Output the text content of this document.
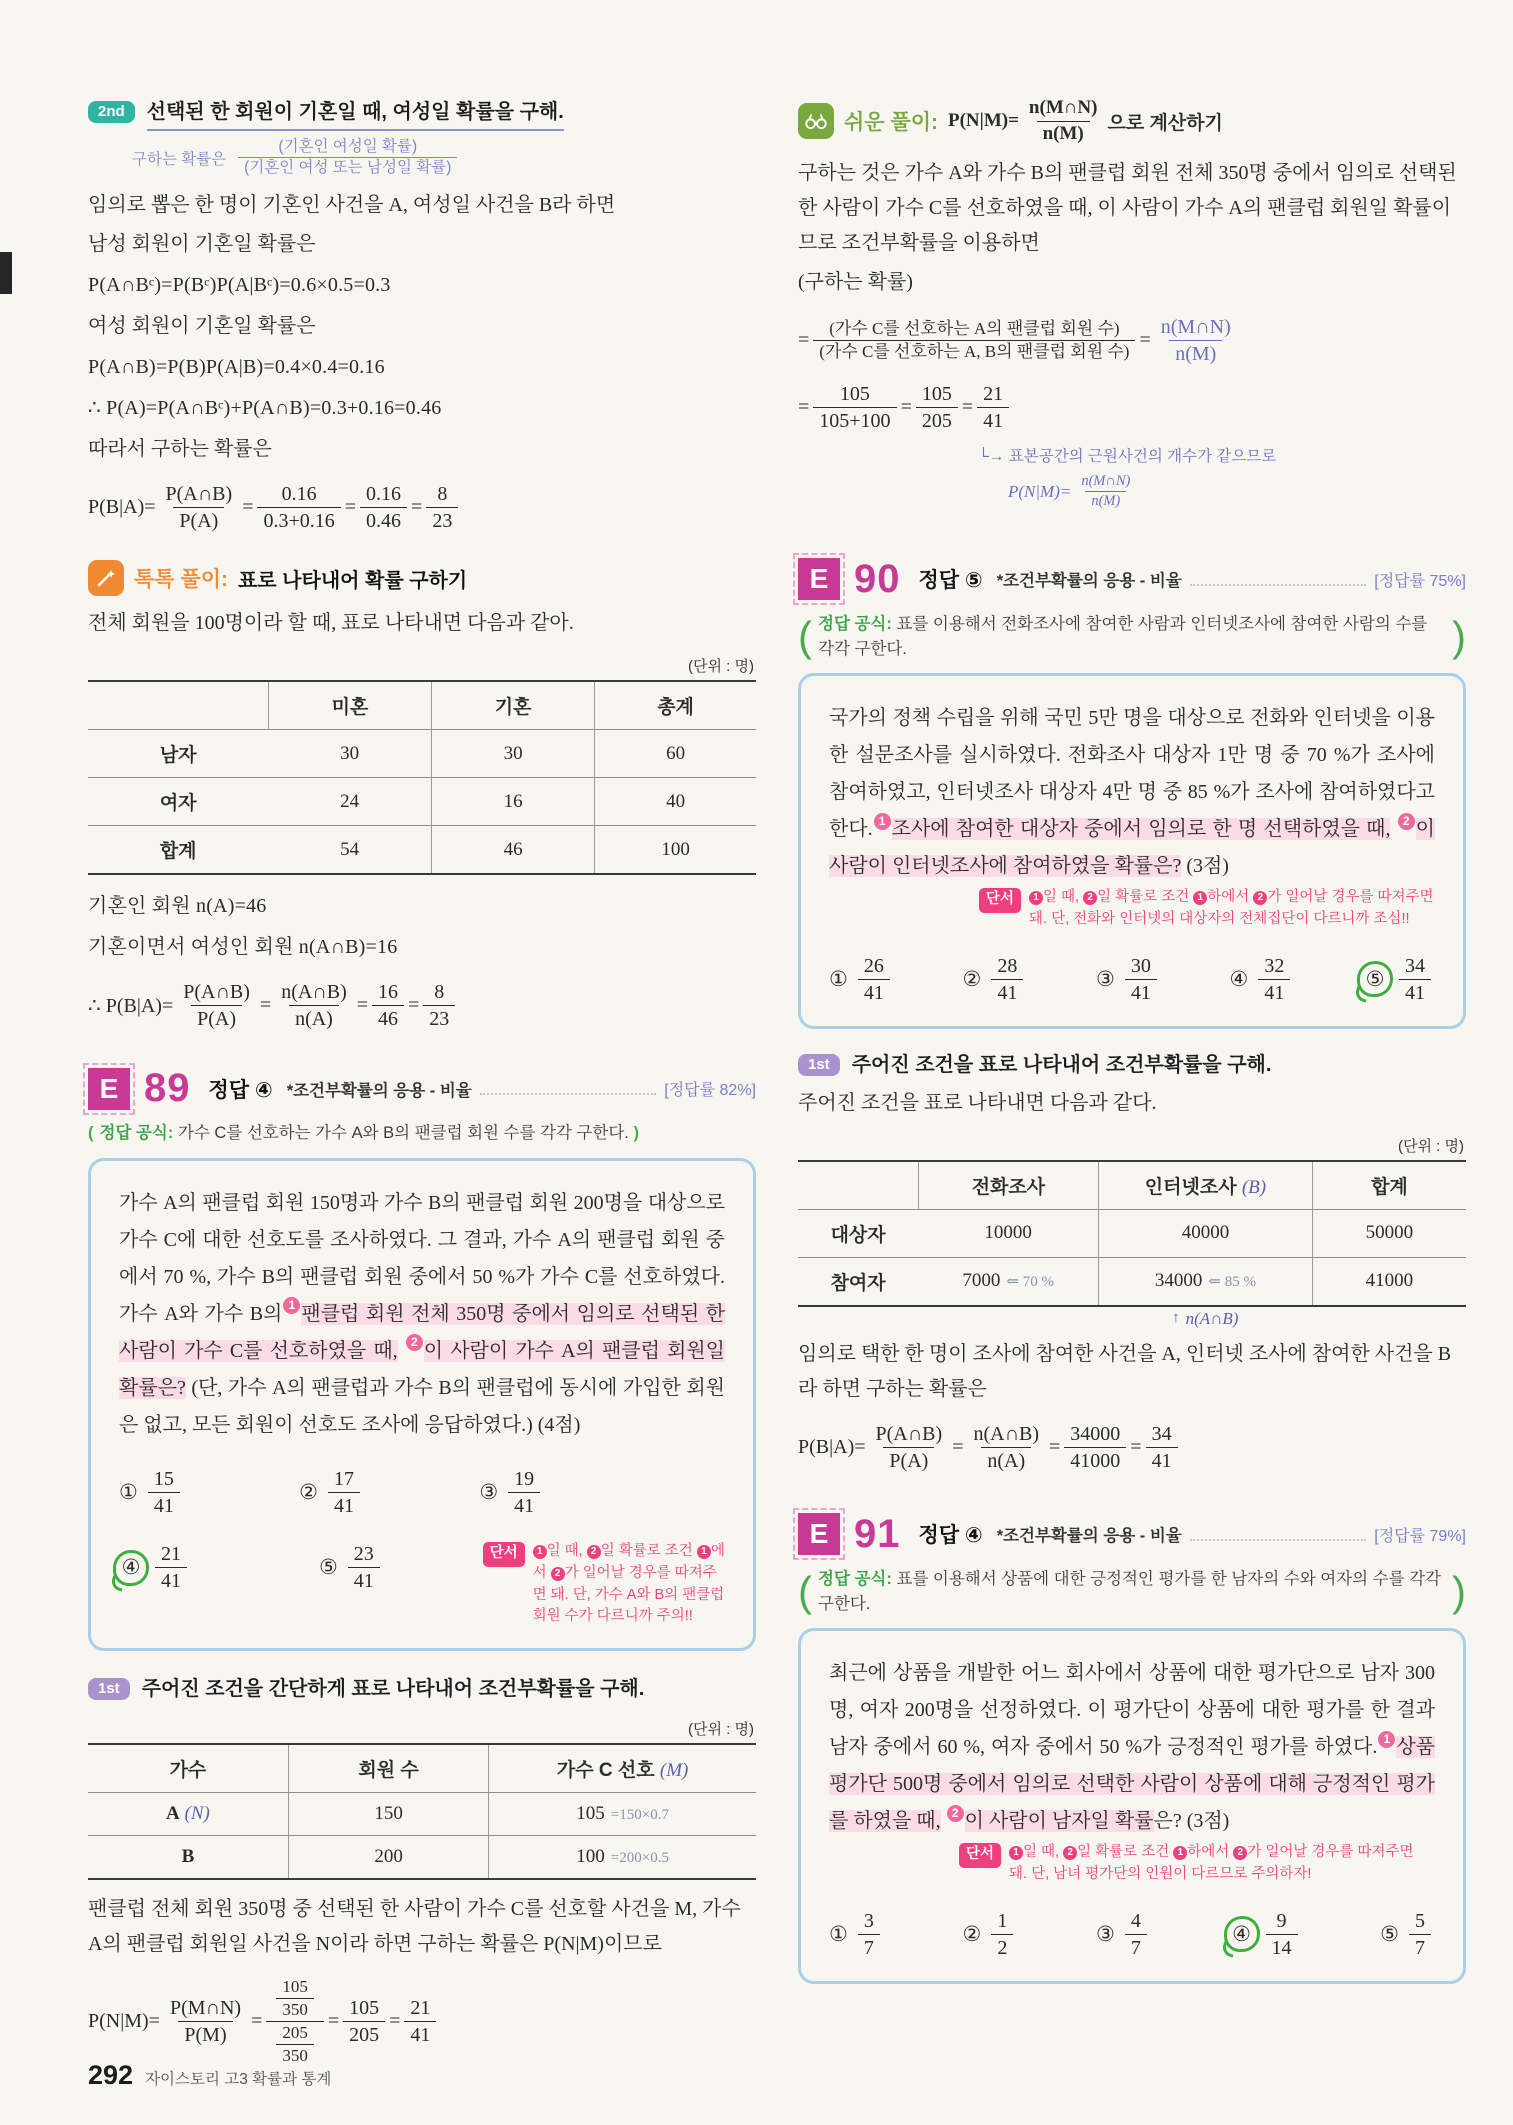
2nd	선택된 한 회원이 기혼일 때, 여성일 확률을 구해.
구하는 확률은 $\frac{\text{(기혼인 여성일 확률)}}{\text{(기혼인 여성 또는 남성일 확률)}}$

임의로 뽑은 한 명이 기혼인 사건을 A, 여성일 사건을 B라 하면

남성 회원이 기혼일 확률은

P(A∩Bᶜ)=P(Bᶜ)P(A|Bᶜ)=0.6×0.5=0.3

여성 회원이 기혼일 확률은

P(A∩B)=P(B)P(A|B)=0.4×0.4=0.16

∴ P(A)=P(A∩Bᶜ)+P(A∩B)=0.3+0.16=0.46

따라서 구하는 확률은

$P(B|A)= \frac{P(A\cap B)}{P(A)} = \frac{0.16}{0.3+0.16} = \frac{0.16}{0.46} = \frac{8}{23}$
톡톡 풀이: 표로 나타내어 확률 구하기

전체 회원을 100명이라 할 때, 표로 나타내면 다음과 같아.

(단위 : 명)
	미혼	기혼	총계
남자	30	30	60
여자	24	16	40
합계	54	46	100

기혼인 회원 n(A)=46

기혼이면서 여성인 회원 n(A∩B)=16

∴ $P(B|A)= \frac{P(A\cap B)}{P(A)} = \frac{n(A\cap B)}{n(A)} = \frac{16}{46} = \frac{8}{23}$
E 89 정답 ④ *조건부확률의 응용 - 비율	[정답률 82%]
( 정답 공식: 가수 C를 선호하는 가수 A와 B의 팬클럽 회원 수를 각각 구한다. )

가수 A의 팬클럽 회원 150명과 가수 B의 팬클럽 회원 200명을 대상으로 가수 C에 대한 선호도를 조사하였다. 그 결과, 가수 A의 팬클럽 회원 중에서 70 %, 가수 B의 팬클럽 회원 중에서 50 %가 가수 C를 선호하였다. 가수 A와 가수 B의 1 팬클럽 회원 전체 350명 중에서 임의로 선택된 한 사람이 가수 C를 선호하였을 때, 2 이 사람이 가수 A의 팬클럽 회원일 확률은? (단, 가수 A의 팬클럽과 가수 B의 팬클럽에 동시에 가입한 회원은 없고, 모든 회원이 선호도 조사에 응답하였다.) (4점)

① $\frac{15}{41}$	② $\frac{17}{41}$	③ $\frac{19}{41}$
④ $\frac{21}{41}$	⑤ $\frac{23}{41}$	단서	1 일 때, 2 일 확률로 조건 1 에서 2 가 일어날 경우를 따져주면 돼. 단, 가수 A와 B의 팬클럽 회원 수가 다르니까 주의!!
1st	주어진 조건을 간단하게 표로 나타내어 조건부확률을 구해.
(단위 : 명)
가수	회원 수	가수 C 선호 (M)
A (N)	150	105 =150×0.7
B	200	100 =200×0.5

팬클럽 전체 회원 350명 중 선택된 한 사람이 가수 C를 선호할 사건을 M, 가수 A의 팬클럽 회원일 사건을 N이라 하면 구하는 확률은 P(N|M)이므로

$P(N|M)= \frac{P(M\cap N)}{P(M)} = \frac{\frac{105}{350}}{\frac{205}{350}} = \frac{105}{205} = \frac{21}{41}$
쉬운 풀이: $P(N|M)= \frac{n(M\cap N)}{n(M)}$ 으로 계산하기

구하는 것은 가수 A와 가수 B의 팬클럽 회원 전체 350명 중에서 임의로 선택된 한 사람이 가수 C를 선호하였을 때, 이 사람이 가수 A의 팬클럽 회원일 확률이므로 조건부확률을 이용하면

(구하는 확률)

= $\frac{\text{(가수 C를 선호하는 A의 팬클럽 회원 수)}}{\text{(가수 C를 선호하는 A, B의 팬클럽 회원 수)}} = \frac{n(M\cap N)}{n(M)}$
= $\frac{105}{105+100} = \frac{105}{205} = \frac{21}{41}$
└→ 표본공간의 근원사건의 개수가 같으므로
$P(N|M)= \frac{n(M\cap N)}{n(M)}$
E 90 정답 ⑤ *조건부확률의 응용 - 비율	[정답률 75%]
( 정답 공식: 표를 이용해서 전화조사에 참여한 사람과 인터넷조사에 참여한 사람의 수를 각각 구한다.	)

국가의 정책 수립을 위해 국민 5만 명을 대상으로 전화와 인터넷을 이용한 설문조사를 실시하였다. 전화조사 대상자 1만 명 중 70 %가 조사에 참여하였고, 인터넷조사 대상자 4만 명 중 85 %가 조사에 참여하였다고 한다. 1 조사에 참여한 대상자 중에서 임의로 한 명 선택하였을 때, 2 이 사람이 인터넷조사에 참여하였을 확률은? (3점)

단서	1 일 때, 2 일 확률로 조건 1 하에서 2 가 일어날 경우를 따져주면 돼. 단, 전화와 인터넷의 대상자의 전체집단이 다르니까 조심!!
① $\frac{26}{41}$	② $\frac{28}{41}$	③ $\frac{30}{41}$	④ $\frac{32}{41}$	⑤ $\frac{34}{41}$
1st	주어진 조건을 표로 나타내어 조건부확률을 구해.

주어진 조건을 표로 나타내면 다음과 같다.

(단위 : 명)
	전화조사	인터넷조사 (B)	합계
대상자	10000	40000	50000
참여자	7000 ⇐ 70 %	34000 ⇐ 85 %	41000
↑ n(A∩B)

임의로 택한 한 명이 조사에 참여한 사건을 A, 인터넷 조사에 참여한 사건을 B라 하면 구하는 확률은

$P(B|A)= \frac{P(A\cap B)}{P(A)} = \frac{n(A\cap B)}{n(A)} = \frac{34000}{41000} = \frac{34}{41}$
E 91 정답 ④ *조건부확률의 응용 - 비율	[정답률 79%]
( 정답 공식: 표를 이용해서 상품에 대한 긍정적인 평가를 한 남자의 수와 여자의 수를 각각 구한다.	)

최근에 상품을 개발한 어느 회사에서 상품에 대한 평가단으로 남자 300명, 여자 200명을 선정하였다. 이 평가단이 상품에 대한 평가를 한 결과 남자 중에서 60 %, 여자 중에서 50 %가 긍정적인 평가를 하였다. 1 상품 평가단 500명 중에서 임의로 선택한 사람이 상품에 대해 긍정적인 평가를 하였을 때, 2 이 사람이 남자일 확률은? (3점)

단서	1 일 때, 2 일 확률로 조건 1 하에서 2 가 일어날 경우를 따져주면 돼. 단, 남녀 평가단의 인원이 다르므로 주의하자!
① $\frac{3}{7}$	② $\frac{1}{2}$	③ $\frac{4}{7}$	④ $\frac{9}{14}$	⑤ $\frac{5}{7}$
292 자이스토리 고3 확률과 통계
